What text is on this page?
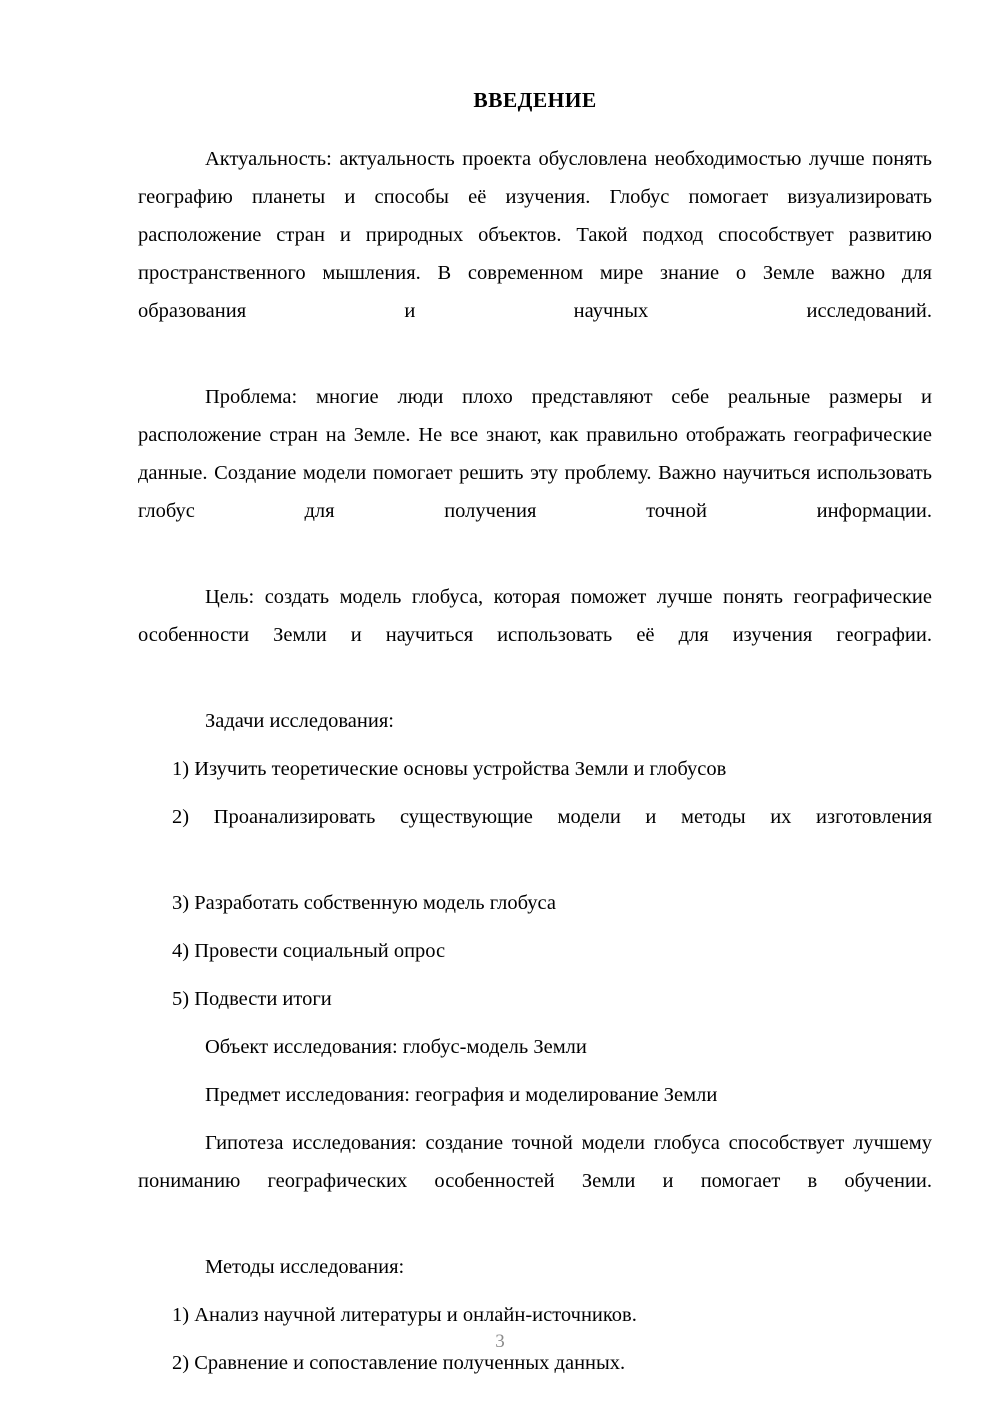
ВВЕДЕНИЕ

Актуальность: актуальность проекта обусловлена необходимостью лучше понять географию планеты и способы её изучения. Глобус помогает визуализировать расположение стран и природных объектов. Такой подход способствует развитию пространственного мышления. В современном мире знание о Земле важно для образования и научных исследований.

Проблема: многие люди плохо представляют себе реальные размеры и расположение стран на Земле. Не все знают, как правильно отображать географические данные. Создание модели помогает решить эту проблему. Важно научиться использовать глобус для получения точной информации.

Цель: создать модель глобуса, которая поможет лучше понять географические особенности Земли и научиться использовать её для изучения географии.

Задачи исследования:

1) Изучить теоретические основы устройства Земли и глобусов

2) Проанализировать существующие модели и методы их изготовления

3) Разработать собственную модель глобуса

4) Провести социальный опрос

5) Подвести итоги

Объект исследования: глобус-модель Земли

Предмет исследования: география и моделирование Земли

Гипотеза исследования: создание точной модели глобуса способствует лучшему пониманию географических особенностей Земли и помогает в обучении.

Методы исследования:

1) Анализ научной литературы и онлайн-источников.

2) Сравнение и сопоставление полученных данных.

3
